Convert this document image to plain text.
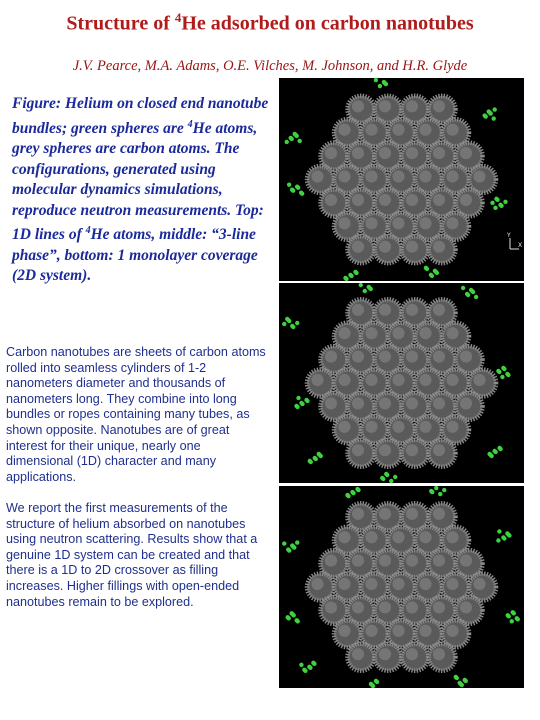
Structure of $^4$He adsorbed on carbon nanotubes
J.V. Pearce, M.A. Adams, O.E. Vilches, M. Johnson, and H.R. Glyde
Figure: Helium on closed end nanotube bundles; green spheres are $^4$He atoms, grey spheres are carbon atoms. The configurations, generated using molecular dynamics simulations, reproduce neutron measurements. Top: 1D lines of $^4$He atoms, middle: “3-line phase”, bottom: 1 monolayer coverage (2D system).
Carbon nanotubes are sheets of carbon atoms rolled into seamless cylinders of 1-2 nanometers diameter and thousands of nanometers long. They combine into long bundles or ropes containing many tubes, as shown opposite. Nanotubes are of great interest for their unique, nearly one dimensional (1D) character and many applications.
We report the first measurements of the structure of helium absorbed on nanotubes using neutron scattering. Results show that a genuine 1D system can be created and that there is a 1D to 2D crossover as filling increases. Higher fillings with open-ended nanotubes remain to be explored.
Y
X
